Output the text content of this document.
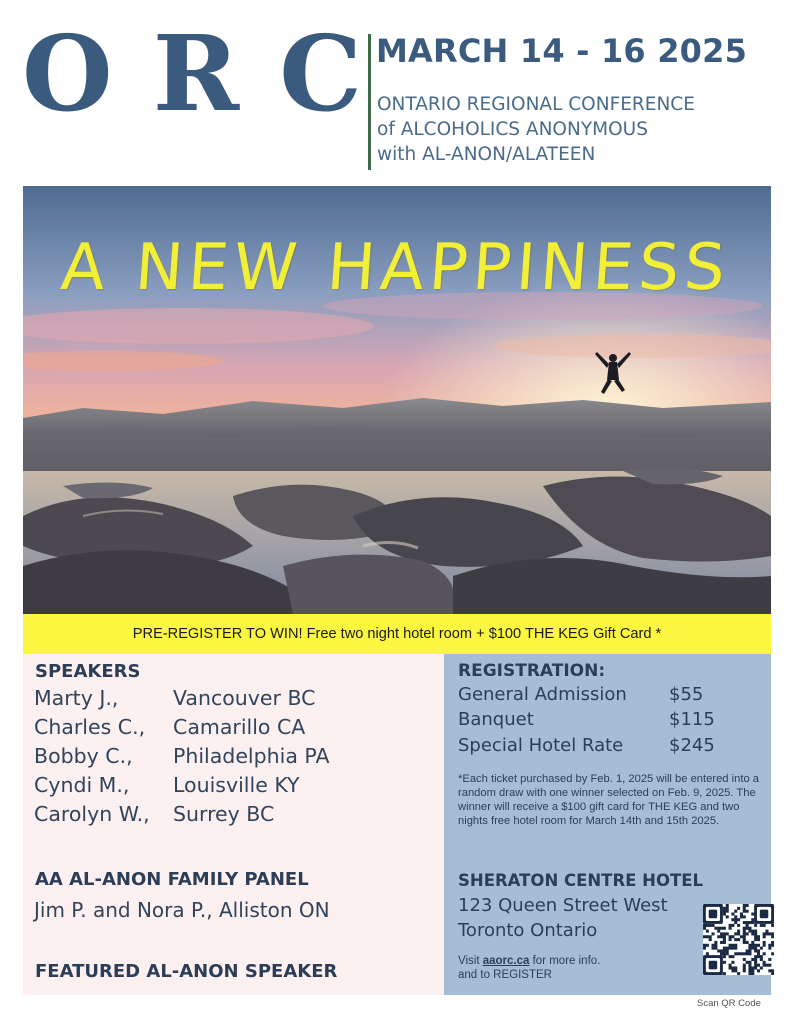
O R C MARCH 14 - 16 2025
ONTARIO REGIONAL CONFERENCE
of ALCOHOLICS ANONYMOUS
with AL-ANON/ALATEEN
A NEW HAPPINESS
PRE-REGISTER TO WIN! Free two night hotel room + $100 THE KEG Gift Card *
SPEAKERS
Marty J.,	Vancouver BC
Charles C., Camarillo CA
Bobby C., Philadelphia PA
Cyndi M., Louisville KY
Carolyn W., Surrey BC
AA AL-ANON FAMILY PANEL
Jim P. and Nora P., Alliston ON
FEATURED AL-ANON SPEAKER
REGISTRATION:
General Admission $55
Banquet	$115
Special Hotel Rate	$245
*Each ticket purchased by Feb. 1, 2025 will be entered into a random draw with one winner selected on Feb. 9, 2025. The winner will receive a $100 gift card for THE KEG and two nights free hotel room for March 14th and 15th 2025.
SHERATON CENTRE HOTEL
123 Queen Street West
Toronto Ontario
Visit aaorc.ca for more info.
and to REGISTER
Scan QR Code
